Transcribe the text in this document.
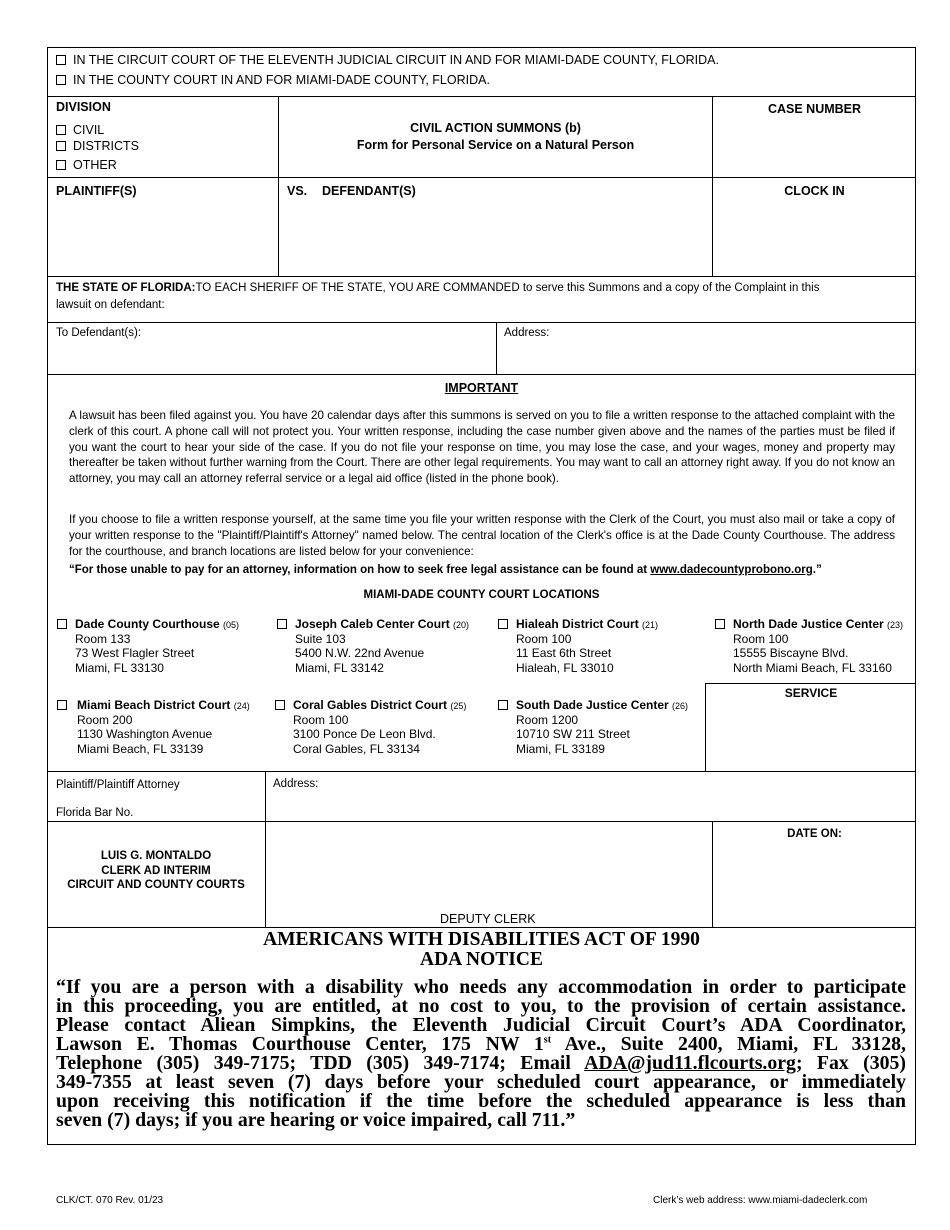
IN THE CIRCUIT COURT OF THE ELEVENTH JUDICIAL CIRCUIT IN AND FOR MIAMI-DADE COUNTY, FLORIDA.
IN THE COUNTY COURT IN AND FOR MIAMI-DADE COUNTY, FLORIDA.
DIVISION
CIVIL
DISTRICTS
OTHER
CIVIL ACTION SUMMONS (b)
Form for Personal Service on a Natural Person
CASE NUMBER
PLAINTIFF(S)	VS. DEFENDANT(S)	CLOCK IN
THE STATE OF FLORIDA:TO EACH SHERIFF OF THE STATE, YOU ARE COMMANDED to serve this Summons and a copy of the Complaint in this
lawsuit on defendant:
To Defendant(s):	Address:
IMPORTANT
A lawsuit has been filed against you. You have 20 calendar days after this summons is served on you to file a written response to the attached complaint with the clerk of this court. A phone call will not protect you. Your written response, including the case number given above and the names of the parties must be filed if you want the court to hear your side of the case. If you do not file your response on time, you may lose the case, and your wages, money and property may thereafter be taken without further warning from the Court. There are other legal requirements. You may want to call an attorney right away. If you do not know an attorney, you may call an attorney referral service or a legal aid office (listed in the phone book).
If you choose to file a written response yourself, at the same time you file your written response with the Clerk of the Court, you must also mail or take a copy of your written response to the "Plaintiff/Plaintiff's Attorney" named below. The central location of the Clerk's office is at the Dade County Courthouse. The address for the courthouse, and branch locations are listed below for your convenience:
“For those unable to pay for an attorney, information on how to seek free legal assistance can be found at www.dadecountyprobono.org.”
MIAMI-DADE COUNTY COURT LOCATIONS
Dade County Courthouse (05)
Room 133
73 West Flagler Street
Miami, FL 33130
Joseph Caleb Center Court (20)
Suite 103
5400 N.W. 22nd Avenue
Miami, FL 33142
Hialeah District Court (21)
Room 100
11 East 6th Street
Hialeah, FL 33010
North Dade Justice Center (23)
Room 100
15555 Biscayne Blvd.
North Miami Beach, FL 33160
Miami Beach District Court (24)
Room 200
1130 Washington Avenue
Miami Beach, FL 33139
Coral Gables District Court (25)
Room 100
3100 Ponce De Leon Blvd.
Coral Gables, FL 33134
South Dade Justice Center (26)
Room 1200
10710 SW 211 Street
Miami, FL 33189
SERVICE
Plaintiff/Plaintiff Attorney
Florida Bar No.
Address:
DATE ON:
LUIS G. MONTALDO
CLERK AD INTERIM
CIRCUIT AND COUNTY COURTS
DEPUTY CLERK
AMERICANS WITH DISABILITIES ACT OF 1990
ADA NOTICE
“If you are a person with a disability who needs any accommodation in order to participate
in this proceeding, you are entitled, at no cost to you, to the provision of certain assistance.
Please contact Aliean Simpkins, the Eleventh Judicial Circuit Court’s ADA Coordinator,
Lawson E. Thomas Courthouse Center, 175 NW 1st Ave., Suite 2400, Miami, FL 33128,
Telephone (305) 349-7175; TDD (305) 349-7174; Email ADA@jud11.flcourts.org; Fax (305)
349-7355 at least seven (7) days before your scheduled court appearance, or immediately
upon receiving this notification if the time before the scheduled appearance is less than
seven (7) days; if you are hearing or voice impaired, call 711.”
CLK/CT. 070 Rev. 01/23	Clerk’s web address: www.miami-dadeclerk.com
